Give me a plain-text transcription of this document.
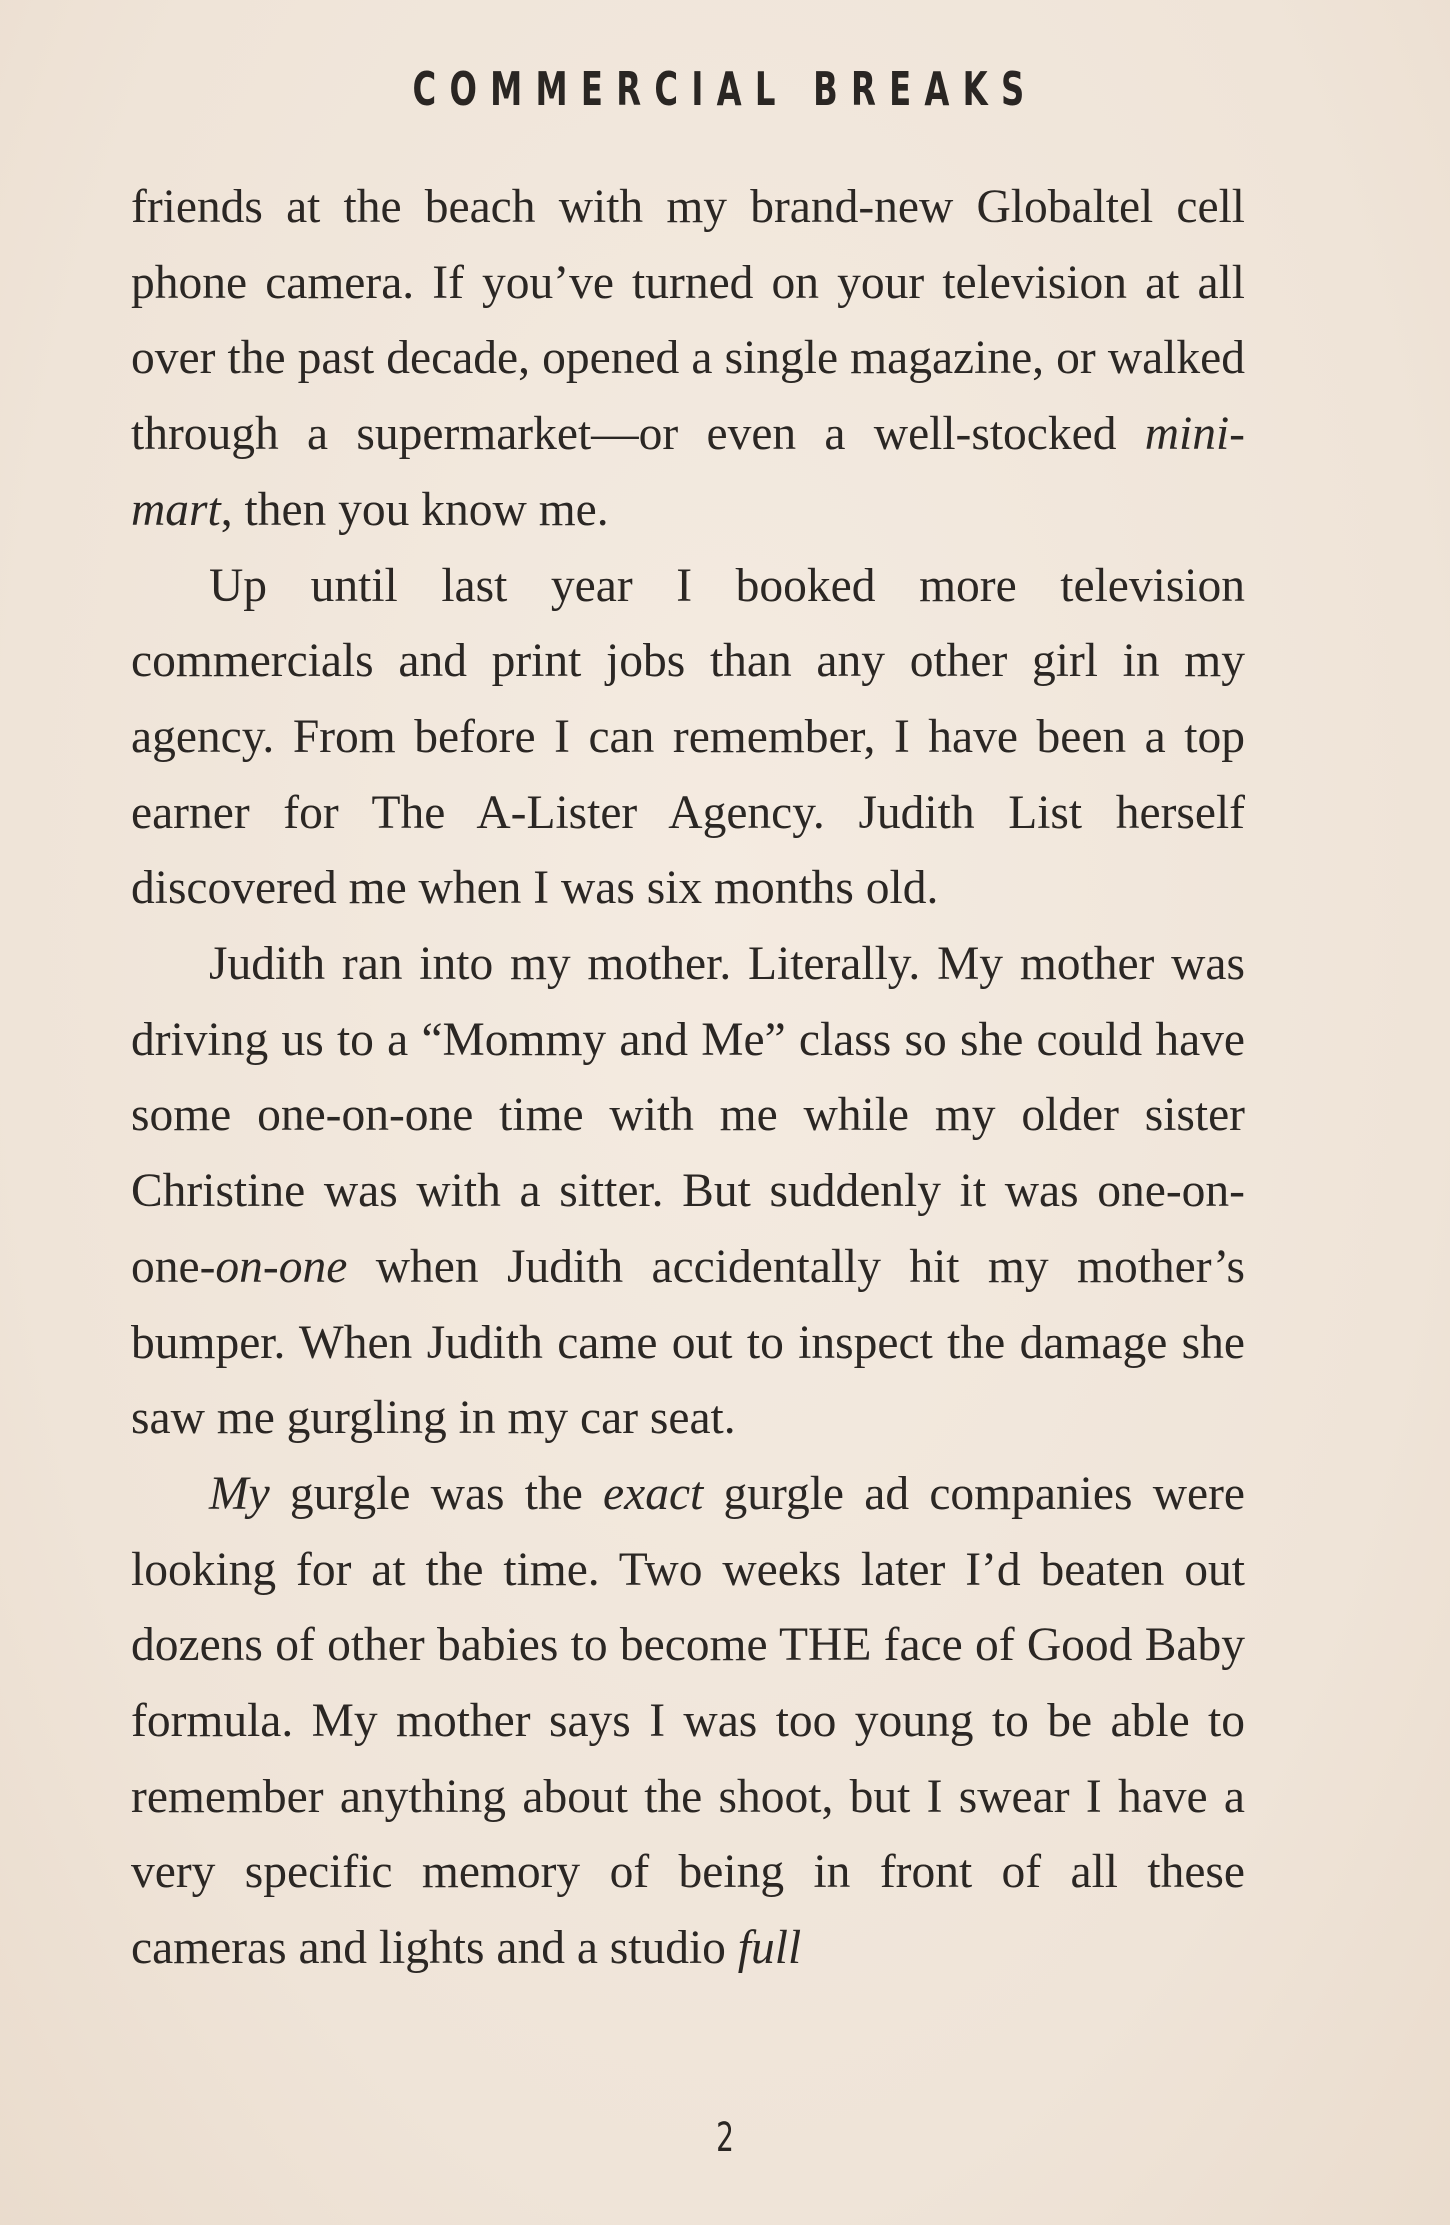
COMMERCIAL BREAKS

friends at the beach with my brand-new Globaltel cell phone camera. If you’ve turned on your television at all over the past decade, opened a single magazine, or walked through a supermarket—or even a well-stocked mini-mart, then you know me.

Up until last year I booked more television commercials and print jobs than any other girl in my agency. From before I can remember, I have been a top earner for The A-Lister Agency. Judith List herself discovered me when I was six months old.

Judith ran into my mother. Literally. My mother was driving us to a “Mommy and Me” class so she could have some one-on-one time with me while my older sister Christine was with a sitter. But suddenly it was one-on-one-on-one when Judith accidentally hit my mother’s bumper. When Judith came out to inspect the damage she saw me gurgling in my car seat.

My gurgle was the exact gurgle ad companies were looking for at the time. Two weeks later I’d beaten out dozens of other babies to become THE face of Good Baby formula. My mother says I was too young to be able to remember anything about the shoot, but I swear I have a very specific memory of being in front of all these cameras and lights and a studio full

2
